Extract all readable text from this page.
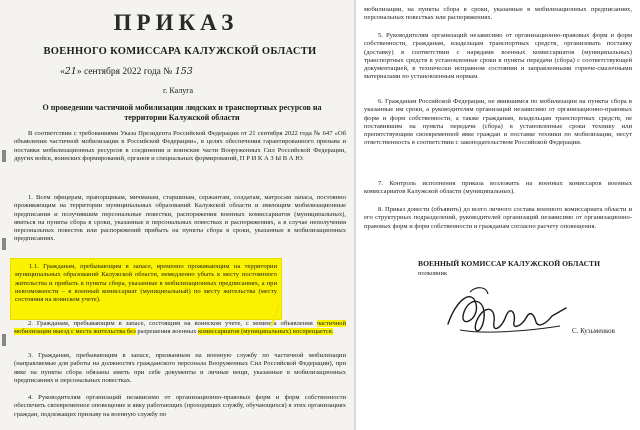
ПРИКАЗ
ВОЕННОГО КОМИССАРА КАЛУЖСКОЙ ОБЛАСТИ
«21» сентября 2022 года № 153
г. Калуга
О проведении частичной мобилизации людских и транспортных ресурсов на территории Калужской области
В соответствии с требованиями Указа Президента Российской Федерации от 21 сентября 2022 года № 647 «Об объявлении частичной мобилизации в Российской Федерации», в целях обеспечения гарантированного призыва и поставки мобилизационных ресурсов в соединения и воинские части Вооруженных Сил Российской Федерации, других войск, воинских формирований, органов и специальных формирований, П Р И К А З Ы В А Ю:
1. Всем офицерам, прапорщикам, мичманам, старшинам, сержантам, солдатам, матросам запаса, постоянно проживающим на территории муниципальных образований Калужской области и имеющим мобилизационные предписания и получившим персональные повестки, распоряжения военных комиссариатов (муниципальных), явиться на пункты сбора в сроки, указанные в персональных повестках и распоряжениях, а в случае неполучения персональных повесток или распоряжений прибыть на пункты сбора в сроки, указанные в мобилизационных предписаниях.
1.1. Гражданам, пребывающим в запасе, временно проживающим на территории муниципальных образований Калужской области, немедленно убыть к месту постоянного жительства и прибыть в пункты сбора, указанные в мобилизационных предписаниях, а при невозможности – в военный комиссариат (муниципальный) по месту жительства (месту состояния на воинском учете).
2. Гражданам, пребывающим в запасе, состоящим на воинском учете, с момента объявления частичной мобилизации выезд с места жительства без разрешения военных комиссариатов (муниципальных) воспрещается.
3. Гражданам, пребывающим в запасе, призванным на военную службу по частичной мобилизации (направляемые для работы на должностях гражданского персонала Вооруженных Сил Российской Федерации), при явке на пункты сбора обязаны иметь при себе документы и личные вещи, указанные в мобилизационных предписаниях и персональных повестках.
4. Руководителям организаций независимо от организационно-правовых форм и форм собственности обеспечить своевременное оповещение и явку работающих (проходящих службу, обучающихся) в этих организациях граждан, подлежащих призыву на военную службу по
мобилизации, на пункты сбора в сроки, указанные в мобилизационных предписаниях, персональных повестках или распоряжениях.
5. Руководителям организаций независимо от организационно-правовых форм и форм собственности, гражданам, владельцам транспортных средств, организовать поставку (доставку) в соответствии с нарядами военных комиссариатов (муниципальных) транспортных средств в установленные сроки в пункты передачи (сбора) с соответствующей документацией, в технически исправном состоянии и заправленными горюче-смазочными материалами по установленным нормам.
6. Гражданам Российской Федерации, не явившимся по мобилизации на пункты сбора в указанные им сроки, а руководителям организаций независимо от организационно-правовых форм и форм собственности, а также гражданам, владельцам транспортных средств, не поставившим на пункты передачи (сбора) в установленные сроки технику или препятствующим своевременной явке граждан и поставке техники по мобилизации, несут ответственность в соответствии с законодательством Российской Федерации.
7. Контроль исполнения приказа возложить на военных комиссаров военных комиссариатов Калужской области (муниципальных).
8. Приказ довести (объявить) до всего личного состава военного комиссариата области и его структурных подразделений, руководителей организаций независимо от организационно-правовых форм и форм собственности и гражданам согласно расчету оповещения.
ВОЕННЫЙ КОМИССАР КАЛУЖСКОЙ ОБЛАСТИ
полковник
С. Кузьменков
